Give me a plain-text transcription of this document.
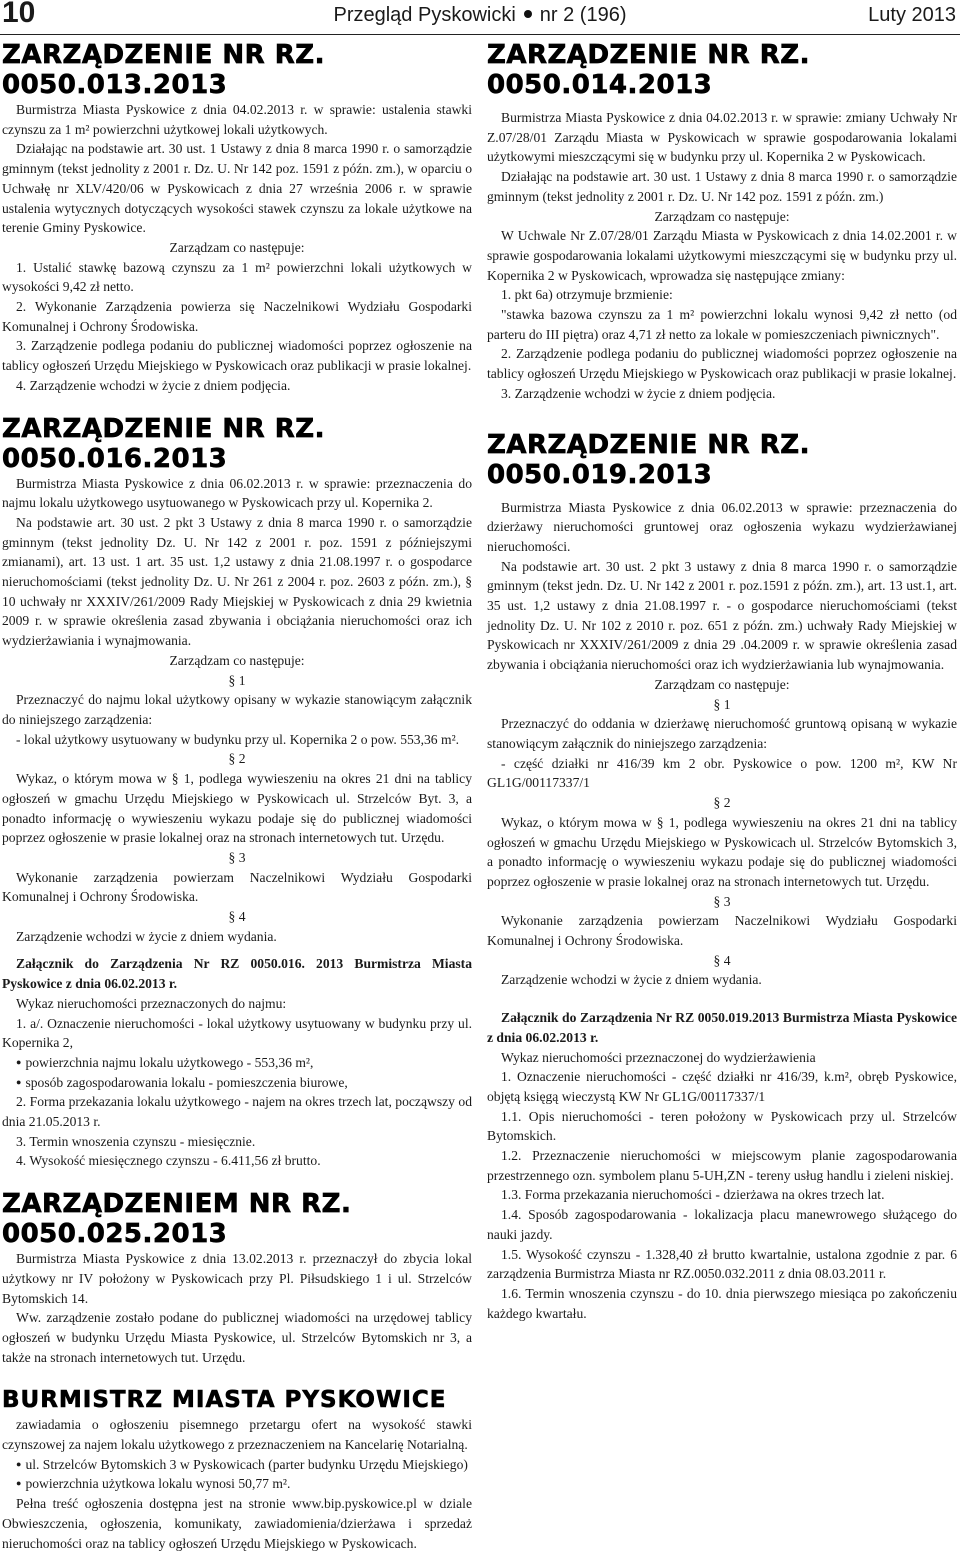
10	Przegląd Pyskowicki nr 2 (196)	Luty 2013
ZARZĄDZENIE NR RZ. 0050.013.2013

Burmistrza Miasta Pyskowice z dnia 04.02.2013 r. w sprawie: ustalenia stawki czynszu za 1 m² powierzchni użytkowej lokali użytkowych.

Działając na podstawie art. 30 ust. 1 Ustawy z dnia 8 marca 1990 r. o samorządzie gminnym (tekst jednolity z 2001 r. Dz. U. Nr 142 poz. 1591 z późn. zm.), w oparciu o Uchwałę nr XLV/420/06 w Pyskowicach z dnia 27 września 2006 r. w sprawie ustalenia wytycznych dotyczących wysokości stawek czynszu za lokale użytkowe na terenie Gminy Pyskowice.

Zarządzam co następuje:

1. Ustalić stawkę bazową czynszu za 1 m² powierzchni lokali użytkowych w wysokości 9,42 zł netto.

2. Wykonanie Zarządzenia powierza się Naczelnikowi Wydziału Gospodarki Komunalnej i Ochrony Środowiska.

3. Zarządzenie podlega podaniu do publicznej wiadomości poprzez ogłoszenie na tablicy ogłoszeń Urzędu Miejskiego w Pyskowicach oraz publikacji w prasie lokalnej.

4. Zarządzenie wchodzi w życie z dniem podjęcia.

ZARZĄDZENIE NR RZ. 0050.016.2013

Burmistrza Miasta Pyskowice z dnia 06.02.2013 r. w sprawie: przeznaczenia do najmu lokalu użytkowego usytuowanego w Pyskowicach przy ul. Kopernika 2.

Na podstawie art. 30 ust. 2 pkt 3 Ustawy z dnia 8 marca 1990 r. o samorządzie gminnym (tekst jednolity Dz. U. Nr 142 z 2001 r. poz. 1591 z późniejszymi zmianami), art. 13 ust. 1 art. 35 ust. 1,2 ustawy z dnia 21.08.1997 r. o gospodarce nieruchomościami (tekst jednolity Dz. U. Nr 261 z 2004 r. poz. 2603 z późn. zm.), § 10 uchwały nr XXXIV/261/2009 Rady Miejskiej w Pyskowicach z dnia 29 kwietnia 2009 r. w sprawie określenia zasad zbywania i obciążania nieruchomości oraz ich wydzierżawiania i wynajmowania.

Zarządzam co następuje:

§ 1

Przeznaczyć do najmu lokal użytkowy opisany w wykazie stanowiącym załącznik do niniejszego zarządzenia:

- lokal użytkowy usytuowany w budynku przy ul. Kopernika 2 o pow. 553,36 m².

§ 2

Wykaz, o którym mowa w § 1, podlega wywieszeniu na okres 21 dni na tablicy ogłoszeń w gmachu Urzędu Miejskiego w Pyskowicach ul. Strzelców Byt. 3, a ponadto informację o wywieszeniu wykazu podaje się do publicznej wiadomości poprzez ogłoszenie w prasie lokalnej oraz na stronach internetowych tut. Urzędu.

§ 3

Wykonanie zarządzenia powierzam Naczelnikowi Wydziału Gospodarki Komunalnej i Ochrony Środowiska.

§ 4

Zarządzenie wchodzi w życie z dniem wydania.

Załącznik do Zarządzenia Nr RZ 0050.016. 2013 Burmistrza Miasta Pyskowice z dnia 06.02.2013 r.

Wykaz nieruchomości przeznaczonych do najmu:

1. a/. Oznaczenie nieruchomości - lokal użytkowy usytuowany w budynku przy ul. Kopernika 2,

● powierzchnia najmu lokalu użytkowego - 553,36 m²,

● sposób zagospodarowania lokalu - pomieszczenia biurowe,

2. Forma przekazania lokalu użytkowego - najem na okres trzech lat, począwszy od dnia 21.05.2013 r.

3. Termin wnoszenia czynszu - miesięcznie.

4. Wysokość miesięcznego czynszu - 6.411,56 zł brutto.

ZARZĄDZENIEM NR RZ. 0050.025.2013

Burmistrza Miasta Pyskowice z dnia 13.02.2013 r. przeznaczył do zbycia lokal użytkowy nr IV położony w Pyskowicach przy Pl. Piłsudskiego 1 i ul. Strzelców Bytomskich 14.

Ww. zarządzenie zostało podane do publicznej wiadomości na urzędowej tablicy ogłoszeń w budynku Urzędu Miasta Pyskowice, ul. Strzelców Bytomskich nr 3, a także na stronach internetowych tut. Urzędu.

BURMISTRZ MIASTA PYSKOWICE

zawiadamia o ogłoszeniu pisemnego przetargu ofert na wysokość stawki czynszowej za najem lokalu użytkowego z przeznaczeniem na Kancelarię Notarialną.

● ul. Strzelców Bytomskich 3 w Pyskowicach (parter budynku Urzędu Miejskiego)

● powierzchnia użytkowa lokalu wynosi 50,77 m².

Pełna treść ogłoszenia dostępna jest na stronie www.bip.pyskowice.pl w dziale Obwieszczenia, ogłoszenia, komunikaty, zawiadomienia/dzierżawa i sprzedaż nieruchomości oraz na tablicy ogłoszeń Urzędu Miejskiego w Pyskowicach.

ZARZĄDZENIE NR RZ. 0050.014.2013

Burmistrza Miasta Pyskowice z dnia 04.02.2013 r. w sprawie: zmiany Uchwały Nr Z.07/28/01 Zarządu Miasta w Pyskowicach w sprawie gospodarowania lokalami użytkowymi mieszczącymi się w budynku przy ul. Kopernika 2 w Pyskowicach.

Działając na podstawie art. 30 ust. 1 Ustawy z dnia 8 marca 1990 r. o samorządzie gminnym (tekst jednolity z 2001 r. Dz. U. Nr 142 poz. 1591 z późn. zm.)

Zarządzam co następuje:

W Uchwale Nr Z.07/28/01 Zarządu Miasta w Pyskowicach z dnia 14.02.2001 r. w sprawie gospodarowania lokalami użytkowymi mieszczącymi się w budynku przy ul. Kopernika 2 w Pyskowicach, wprowadza się następujące zmiany:

1. pkt 6a) otrzymuje brzmienie:

"stawka bazowa czynszu za 1 m² powierzchni lokalu wynosi 9,42 zł netto (od parteru do III piętra) oraz 4,71 zł netto za lokale w pomieszczeniach piwnicznych".

2. Zarządzenie podlega podaniu do publicznej wiadomości poprzez ogłoszenie na tablicy ogłoszeń Urzędu Miejskiego w Pyskowicach oraz publikacji w prasie lokalnej.

3. Zarządzenie wchodzi w życie z dniem podjęcia.

ZARZĄDZENIE NR RZ. 0050.019.2013

Burmistrza Miasta Pyskowice z dnia 06.02.2013 w sprawie: przeznaczenia do dzierżawy nieruchomości gruntowej oraz ogłoszenia wykazu wydzierżawianej nieruchomości.

Na podstawie art. 30 ust. 2 pkt 3 ustawy z dnia 8 marca 1990 r. o samorządzie gminnym (tekst jedn. Dz. U. Nr 142 z 2001 r. poz.1591 z późn. zm.), art. 13 ust.1, art. 35 ust. 1,2 ustawy z dnia 21.08.1997 r. - o gospodarce nieruchomościami (tekst jednolity Dz. U. Nr 102 z 2010 r. poz. 651 z późn. zm.) uchwały Rady Miejskiej w Pyskowicach nr XXXIV/261/2009 z dnia 29 .04.2009 r. w sprawie określenia zasad zbywania i obciążania nieruchomości oraz ich wydzierżawiania lub wynajmowania.

Zarządzam co następuje:

§ 1

Przeznaczyć do oddania w dzierżawę nieruchomość gruntową opisaną w wykazie stanowiącym załącznik do niniejszego zarządzenia:

- część działki nr 416/39 km 2 obr. Pyskowice o pow. 1200 m², KW Nr GL1G/00117337/1

§ 2

Wykaz, o którym mowa w § 1, podlega wywieszeniu na okres 21 dni na tablicy ogłoszeń w gmachu Urzędu Miejskiego w Pyskowicach ul. Strzelców Bytomskich 3, a ponadto informację o wywieszeniu wykazu podaje się do publicznej wiadomości poprzez ogłoszenie w prasie lokalnej oraz na stronach internetowych tut. Urzędu.

§ 3

Wykonanie zarządzenia powierzam Naczelnikowi Wydziału Gospodarki Komunalnej i Ochrony Środowiska.

§ 4

Zarządzenie wchodzi w życie z dniem wydania.

Załącznik do Zarządzenia Nr RZ 0050.019.2013 Burmistrza Miasta Pyskowice z dnia 06.02.2013 r.

Wykaz nieruchomości przeznaczonej do wydzierżawienia

1. Oznaczenie nieruchomości - część działki nr 416/39, k.m², obręb Pyskowice, objętą księgą wieczystą KW Nr GL1G/00117337/1

1.1. Opis nieruchomości - teren położony w Pyskowicach przy ul. Strzelców Bytomskich.

1.2. Przeznaczenie nieruchomości w miejscowym planie zagospodarowania przestrzennego ozn. symbolem planu 5-UH,ZN - tereny usług handlu i zieleni niskiej.

1.3. Forma przekazania nieruchomości - dzierżawa na okres trzech lat.

1.4. Sposób zagospodarowania - lokalizacja placu manewrowego służącego do nauki jazdy.

1.5. Wysokość czynszu - 1.328,40 zł brutto kwartalnie, ustalona zgodnie z par. 6 zarządzenia Burmistrza Miasta nr RZ.0050.032.2011 z dnia 08.03.2011 r.

1.6. Termin wnoszenia czynszu - do 10. dnia pierwszego miesiąca po zakończeniu każdego kwartału.
